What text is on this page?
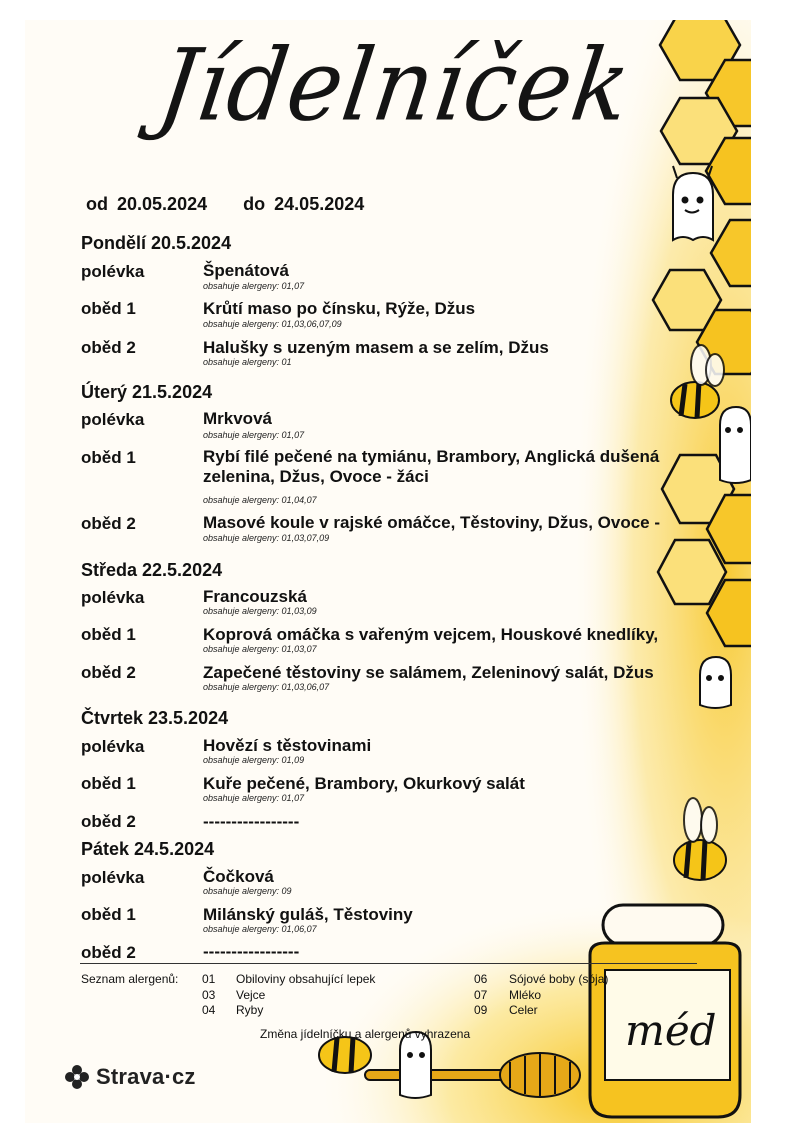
méd
Jídelníček
od 20.05.2024 do 24.05.2024
Pondělí 20.5.2024
polévka	Špenátová
obsahuje alergeny: 01,07
oběd 1	Krůtí maso po čínsku, Rýže, Džus
obsahuje alergeny: 01,03,06,07,09
oběd 2	Halušky s uzeným masem a se zelím, Džus
obsahuje alergeny: 01
Úterý 21.5.2024
polévka	Mrkvová
obsahuje alergeny: 01,07
oběd 1	Rybí filé pečené na tymiánu, Brambory, Anglická dušená zelenina, Džus, Ovoce - žáci
obsahuje alergeny: 01,04,07
oběd 2	Masové koule v rajské omáčce, Těstoviny, Džus, Ovoce -
obsahuje alergeny: 01,03,07,09
Středa 22.5.2024
polévka	Francouzská
obsahuje alergeny: 01,03,09
oběd 1	Koprová omáčka s vařeným vejcem, Houskové knedlíky,
obsahuje alergeny: 01,03,07
oběd 2	Zapečené těstoviny se salámem, Zeleninový salát, Džus
obsahuje alergeny: 01,03,06,07
Čtvrtek 23.5.2024
polévka	Hovězí s těstovinami
obsahuje alergeny: 01,09
oběd 1	Kuře pečené, Brambory, Okurkový salát
obsahuje alergeny: 01,07
oběd 2	-----------------
Pátek 24.5.2024
polévka	Čočková
obsahuje alergeny: 09
oběd 1	Milánský guláš, Těstoviny
obsahuje alergeny: 01,06,07
oběd 2	-----------------
Seznam alergenů: 01 Obiloviny obsahující lepek
03 Vejce
04 Ryby
06 Sójové boby (sója)
07 Mléko
09 Celer
Změna jídelníčku a alergenů vyhrazena
Strava·cz
